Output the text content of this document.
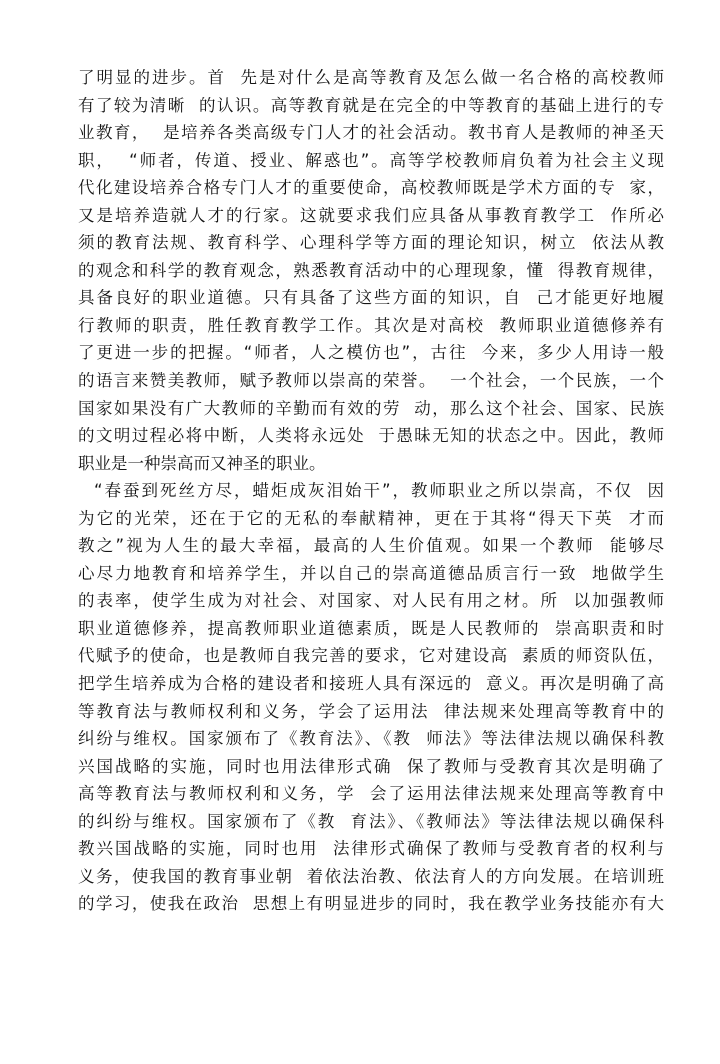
了明显的进步。首  先是对什么是高等教育及怎么做一名合格的高校教师
有了较为清晰  的认识。高等教育就是在完全的中等教育的基础上进行的专
业教育，  是培养各类高级专门人才的社会活动。教书育人是教师的神圣天
职，  “师者，传道、授业、解惑也”。高等学校教师肩负着为社会主义现
代化建设培养合格专门人才的重要使命，高校教师既是学术方面的专  家，
又是培养造就人才的行家。这就要求我们应具备从事教育教学工  作所必
须的教育法规、教育科学、心理科学等方面的理论知识，树立  依法从教
的观念和科学的教育观念，熟悉教育活动中的心理现象，懂  得教育规律，
具备良好的职业道德。只有具备了这些方面的知识，自  己才能更好地履
行教师的职责，胜任教育教学工作。其次是对高校  教师职业道德修养有
了更进一步的把握。“师者，人之模仿也”，古往  今来，多少人用诗一般
的语言来赞美教师，赋予教师以崇高的荣誉。  一个社会，一个民族，一个
国家如果没有广大教师的辛勤而有效的劳  动，那么这个社会、国家、民族
的文明过程必将中断，人类将永远处  于愚昧无知的状态之中。因此，教师
职业是一种崇高而又神圣的职业。
“春蚕到死丝方尽，蜡炬成灰泪始干”，教师职业之所以崇高，不仅  因
为它的光荣，还在于它的无私的奉献精神，更在于其将“得天下英  才而
教之”视为人生的最大幸福，最高的人生价值观。如果一个教师  能够尽
心尽力地教育和培养学生，并以自己的崇高道德品质言行一致  地做学生
的表率，使学生成为对社会、对国家、对人民有用之材。所  以加强教师
职业道德修养，提高教师职业道德素质，既是人民教师的  崇高职责和时
代赋予的使命，也是教师自我完善的要求，它对建设高  素质的师资队伍，
把学生培养成为合格的建设者和接班人具有深远的  意义。再次是明确了高
等教育法与教师权利和义务，学会了运用法  律法规来处理高等教育中的
纠纷与维权。国家颁布了《教育法》、《教  师法》等法律法规以确保科教
兴国战略的实施，同时也用法律形式确  保了教师与受教育其次是明确了
高等教育法与教师权利和义务，学  会了运用法律法规来处理高等教育中
的纠纷与维权。国家颁布了《教  育法》、《教师法》等法律法规以确保科
教兴国战略的实施，同时也用  法律形式确保了教师与受教育者的权利与
义务，使我国的教育事业朝  着依法治教、依法育人的方向发展。在培训班
的学习，使我在政治  思想上有明显进步的同时，我在教学业务技能亦有大
